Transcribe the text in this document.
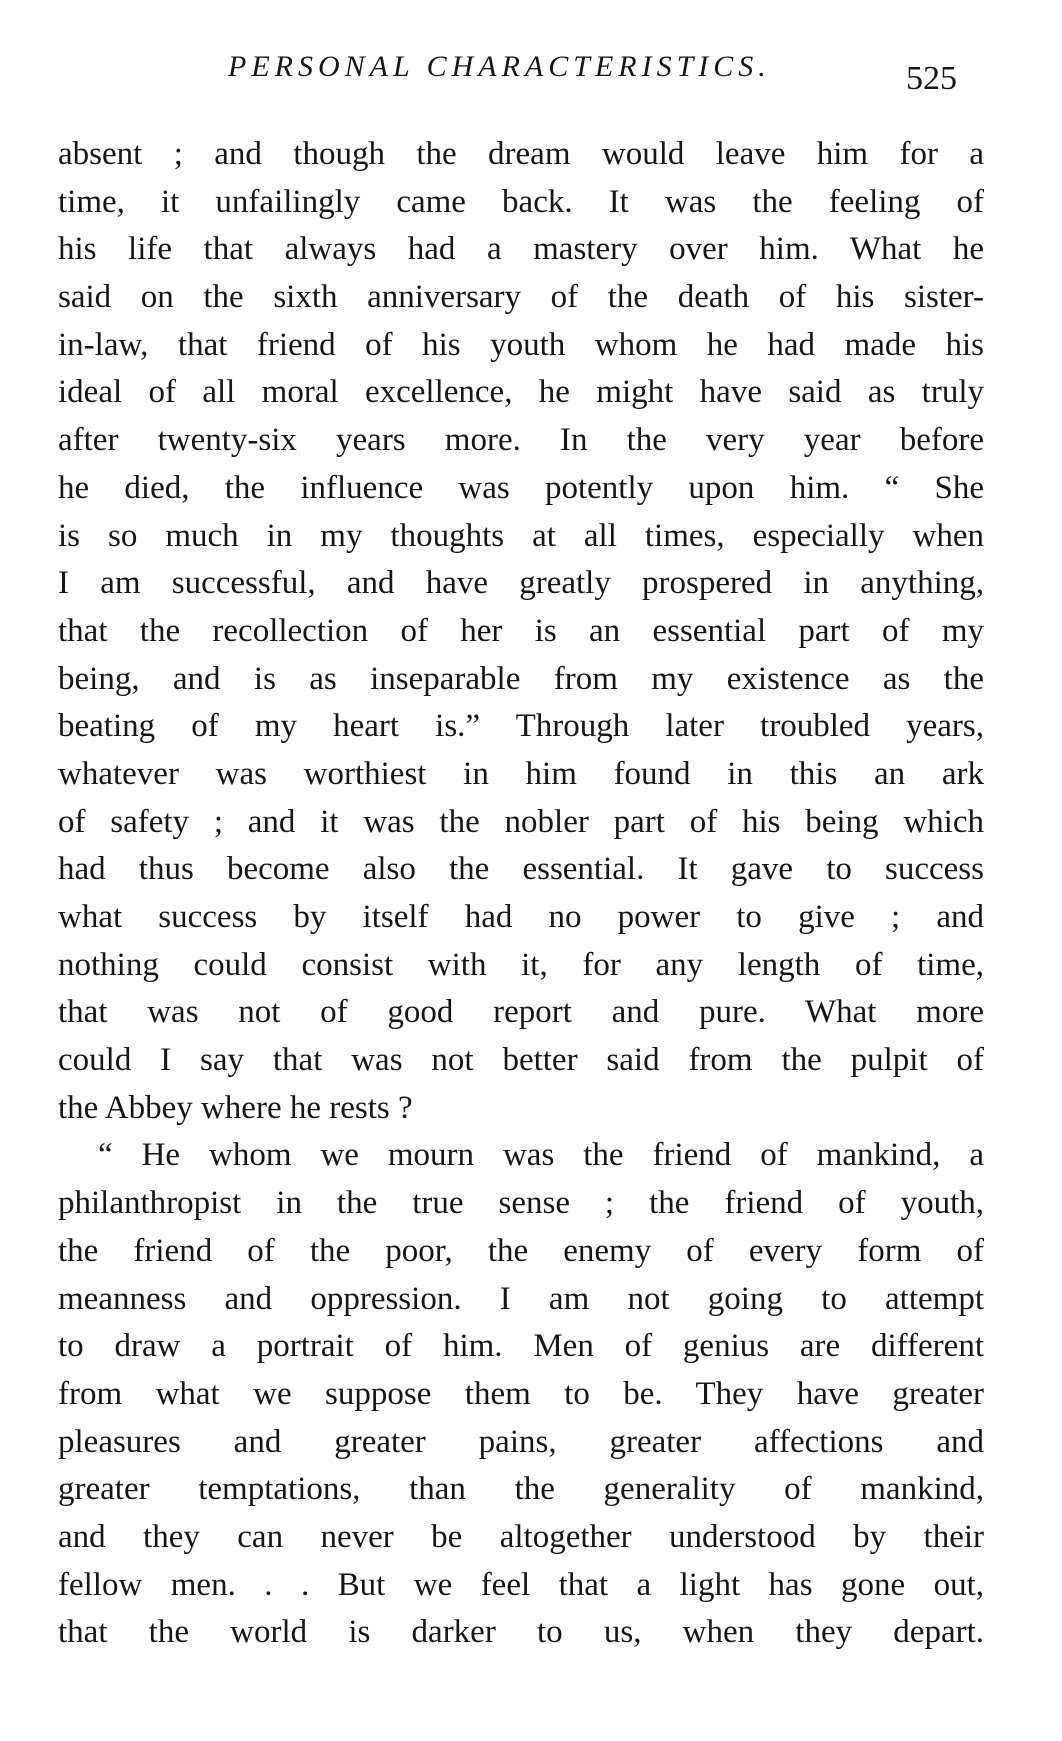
PERSONAL CHARACTERISTICS.	525
absent ; and though the dream would leave him for a
time, it unfailingly came back. It was the feeling of
his life that always had a mastery over him. What he
said on the sixth anniversary of the death of his sister-
in-law, that friend of his youth whom he had made his
ideal of all moral excellence, he might have said as truly
after twenty-six years more. In the very year before
he died, the influence was potently upon him. “ She
is so much in my thoughts at all times, especially when
I am successful, and have greatly prospered in anything,
that the recollection of her is an essential part of my
being, and is as inseparable from my existence as the
beating of my heart is.” Through later troubled years,
whatever was worthiest in him found in this an ark
of safety ; and it was the nobler part of his being which
had thus become also the essential. It gave to success
what success by itself had no power to give ; and
nothing could consist with it, for any length of time,
that was not of good report and pure. What more
could I say that was not better said from the pulpit of
the Abbey where he rests ?
“ He whom we mourn was the friend of mankind, a
philanthropist in the true sense ; the friend of youth,
the friend of the poor, the enemy of every form of
meanness and oppression. I am not going to attempt
to draw a portrait of him. Men of genius are different
from what we suppose them to be. They have greater
pleasures and greater pains, greater affections and
greater temptations, than the generality of mankind,
and they can never be altogether understood by their
fellow men. . . But we feel that a light has gone out,
that the world is darker to us, when they depart.
